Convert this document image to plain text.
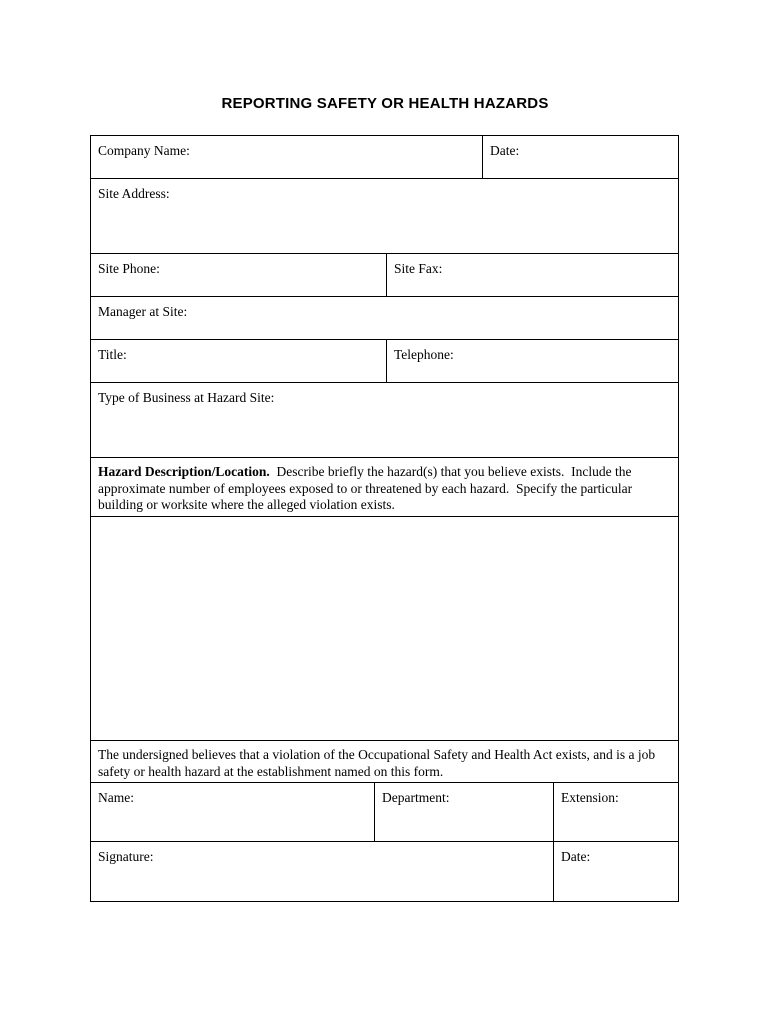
REPORTING SAFETY OR HEALTH HAZARDS
Company Name:	Date:
Site Address:
Site Phone:	Site Fax:
Manager at Site:
Title:	Telephone:
Type of Business at Hazard Site:
Hazard Description/Location.  Describe briefly the hazard(s) that you believe exists.  Include the approximate number of employees exposed to or threatened by each hazard.  Specify the particular building or worksite where the alleged violation exists.
The undersigned believes that a violation of the Occupational Safety and Health Act exists, and is a job safety or health hazard at the establishment named on this form.
Name:	Department:	Extension:
Signature:	Date:
